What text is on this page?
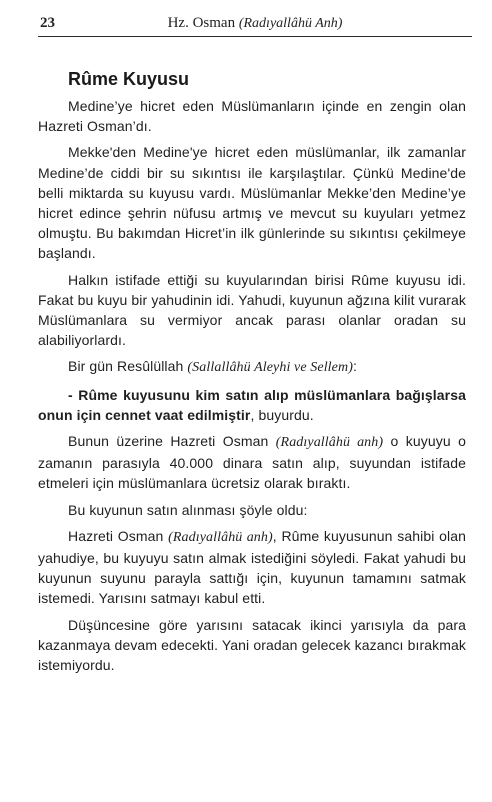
23	Hz. Osman (Radıyallâhü Anh)
Rûme Kuyusu

Medine’ye hicret eden Müslümanların içinde en zengin olan Hazreti Osman’dı.

Mekke'den Medine'ye hicret eden müslümanlar, ilk zamanlar Medine’de ciddi bir su sıkıntısı ile karşılaştılar. Çünkü Medine'de belli miktarda su kuyusu vardı. Müslümanlar Mekke’den Medine’ye hicret edince şehrin nüfusu artmış ve mevcut su kuyuları yetmez olmuştu. Bu bakımdan Hicret’in ilk günlerinde su sıkıntısı çekilmeye başlandı.

Halkın istifade ettiği su kuyularından birisi Rûme kuyusu idi. Fakat bu kuyu bir yahudinin idi. Yahudi, kuyunun ağzına kilit vurarak Müslümanlara su vermiyor ancak parası olanlar oradan su alabiliyorlardı.

Bir gün Resûlüllah (Sallallâhü Aleyhi ve Sellem):

- Rûme kuyusunu kim satın alıp müslümanlara bağışlarsa onun için cennet vaat edilmiştir, buyurdu.

Bunun üzerine Hazreti Osman (Radıyallâhü anh) o kuyuyu o zamanın parasıyla 40.000 dinara satın alıp, suyundan istifade etmeleri için müslümanlara ücretsiz olarak bıraktı.

Bu kuyunun satın alınması şöyle oldu:

Hazreti Osman (Radıyallâhü anh), Rûme kuyusunun sahibi olan yahudiye, bu kuyuyu satın almak istediğini söyledi. Fakat yahudi bu kuyunun suyunu parayla sattığı için, kuyunun tamamını satmak istemedi. Yarısını satmayı kabul etti.

Düşüncesine göre yarısını satacak ikinci yarısıyla da para kazanmaya devam edecekti. Yani oradan gelecek kazancı bırakmak istemiyordu.
